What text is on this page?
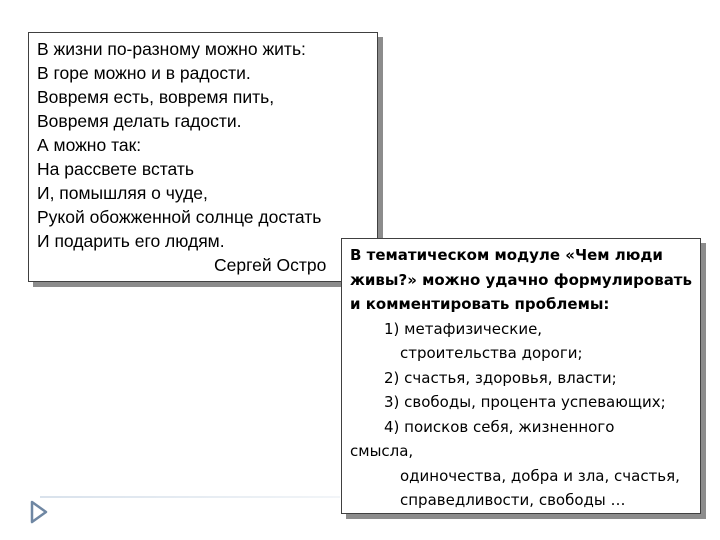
В жизни по-разному можно жить:
В горе можно и в радости.
Вовремя есть, вовремя пить,
Вовремя делать гадости.
А можно так:
На рассвете встать
И, помышляя о чуде,
Рукой обожженной солнце достать
И подарить его людям.
Сергей Остро	В тематическом модуле «Чем люди
живы?» можно удачно формулировать
и комментировать проблемы:
1) метафизические,
строительства дороги;
2) счастья, здоровья, власти;
3) свободы, процента успевающих;
4) поисков себя, жизненного
смысла,
одиночества, добра и зла, счастья,
справедливости, свободы …
